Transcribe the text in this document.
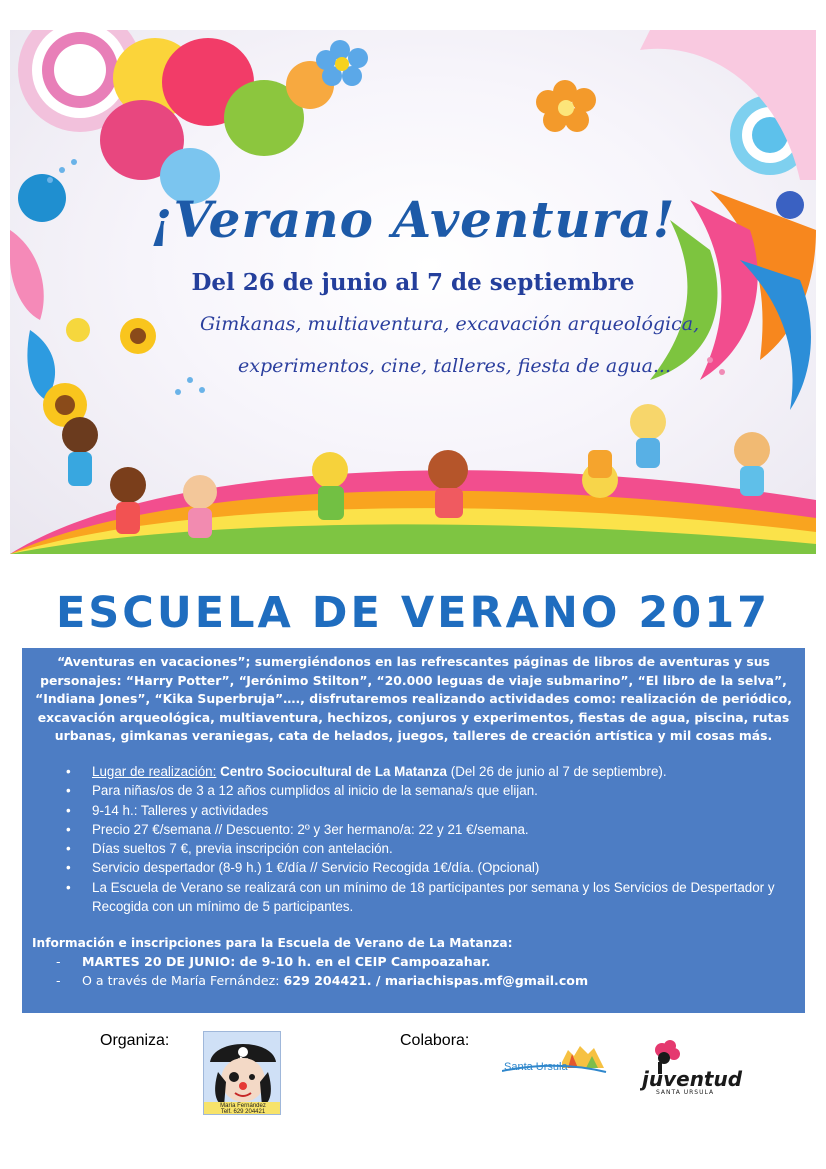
¡Verano Aventura!
Del 26 de junio al 7 de septiembre
Gimkanas, multiaventura, excavación arqueológica,
experimentos, cine, talleres, fiesta de agua...
ESCUELA DE VERANO 2017

“Aventuras en vacaciones”; sumergiéndonos en las refrescantes páginas de libros de aventuras y sus personajes: “Harry Potter”, “Jerónimo Stilton”, “20.000 leguas de viaje submarino”, “El libro de la selva”, “Indiana Jones”, “Kika Superbruja”…., disfrutaremos realizando actividades como: realización de periódico, excavación arqueológica, multiaventura, hechizos, conjuros y experimentos, fiestas de agua, piscina, rutas urbanas, gimkanas veraniegas, cata de helados, juegos, talleres de creación artística y mil cosas más.

• Lugar de realización: Centro Sociocultural de La Matanza (Del 26 de junio al 7 de septiembre).
• Para niñas/os de 3 a 12 años cumplidos al inicio de la semana/s que elijan.
• 9-14 h.: Talleres y actividades
• Precio 27 €/semana // Descuento: 2º y 3er hermano/a: 22 y 21 €/semana.
• Días sueltos 7 €, previa inscripción con antelación.
• Servicio despertador (8-9 h.) 1 €/día // Servicio Recogida 1€/día. (Opcional)
• La Escuela de Verano se realizará con un mínimo de 18 participantes por semana y los Servicios de Despertador y Recogida con un mínimo de 5 participantes.
Información e inscripciones para la Escuela de Verano de La Matanza:
- MARTES 20 DE JUNIO: de 9-10 h. en el CEIP Campoazahar.
- O a través de María Fernández: 629 204421. / mariachispas.mf@gmail.com
Organiza:
María Fernández
Telf. 629 204421
Colabora:
Santa Ursula	juventud
SANTA URSULA
